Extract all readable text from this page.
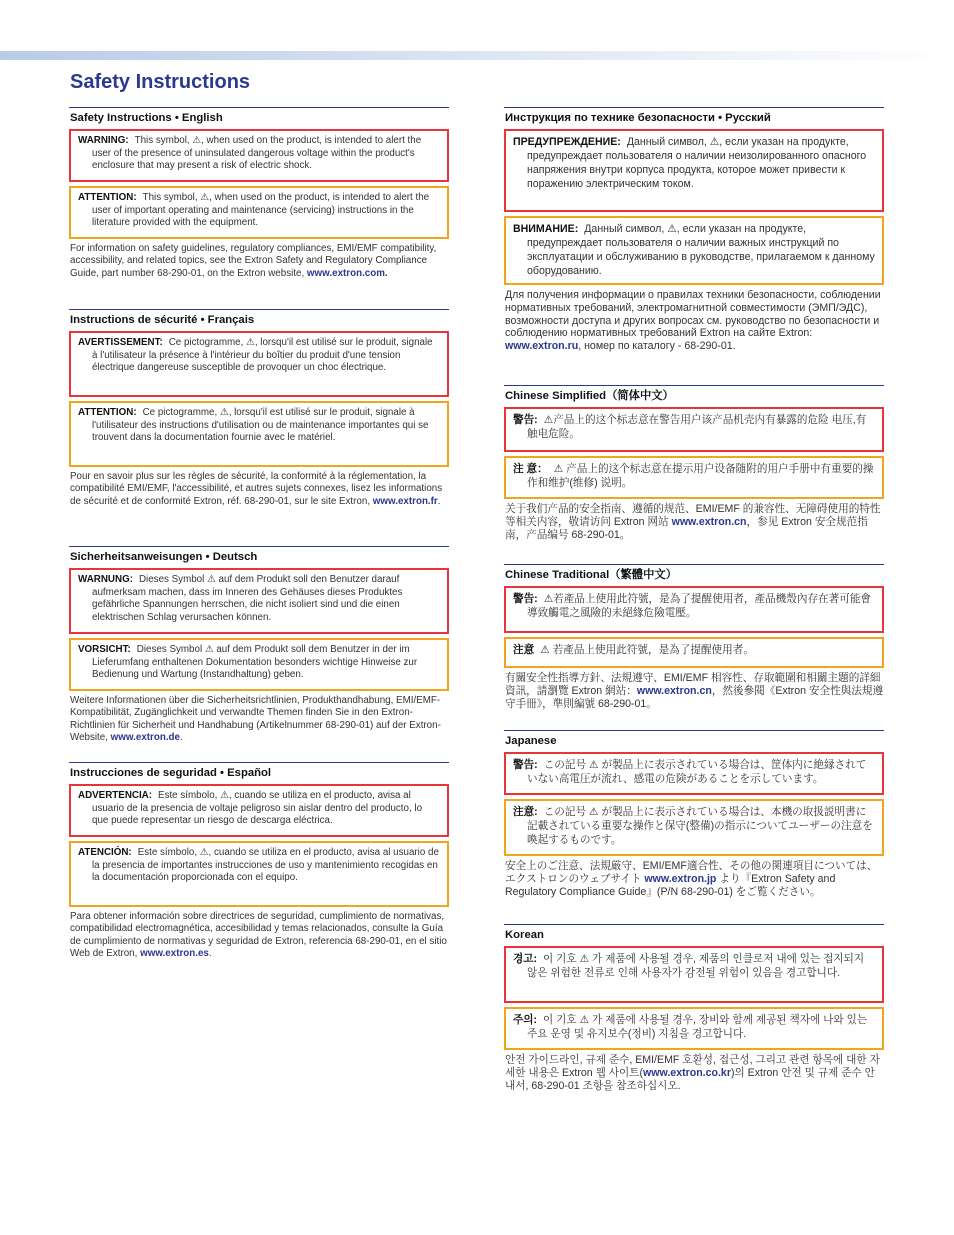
Safety Instructions
Safety Instructions • English
WARNING: This symbol, ⚠, when used on the product, is intended to alert the user of the presence of uninsulated dangerous voltage within the product's enclosure that may present a risk of electric shock.
ATTENTION: This symbol, ⚠, when used on the product, is intended to alert the user of important operating and maintenance (servicing) instructions in the literature provided with the equipment.

For information on safety guidelines, regulatory compliances, EMI/EMF compatibility, accessibility, and related topics, see the Extron Safety and Regulatory Compliance Guide, part number 68-290-01, on the Extron website, www.extron.com.

Instructions de sécurité • Français
AVERTISSEMENT: Ce pictogramme, ⚠, lorsqu'il est utilisé sur le produit, signale à l'utilisateur la présence à l'intérieur du boîtier du produit d'une tension électrique dangereuse susceptible de provoquer un choc électrique.
ATTENTION: Ce pictogramme, ⚠, lorsqu'il est utilisé sur le produit, signale à l'utilisateur des instructions d'utilisation ou de maintenance importantes qui se trouvent dans la documentation fournie avec le matériel.

Pour en savoir plus sur les règles de sécurité, la conformité à la réglementation, la compatibilité EMI/EMF, l'accessibilité, et autres sujets connexes, lisez les informations de sécurité et de conformité Extron, réf. 68-290-01, sur le site Extron, www.extron.fr.

Sicherheitsanweisungen • Deutsch
WARNUNG: Dieses Symbol ⚠ auf dem Produkt soll den Benutzer darauf aufmerksam machen, dass im Inneren des Gehäuses dieses Produktes gefährliche Spannungen herrschen, die nicht isoliert sind und die einen elektrischen Schlag verursachen können.
VORSICHT: Dieses Symbol ⚠ auf dem Produkt soll dem Benutzer in der im Lieferumfang enthaltenen Dokumentation besonders wichtige Hinweise zur Bedienung und Wartung (Instandhaltung) geben.

Weitere Informationen über die Sicherheitsrichtlinien, Produkthandhabung, EMI/EMF-Kompatibilität, Zugänglichkeit und verwandte Themen finden Sie in den Extron-Richtlinien für Sicherheit und Handhabung (Artikelnummer 68-290-01) auf der Extron-Website, www.extron.de.

Instrucciones de seguridad • Español
ADVERTENCIA: Este símbolo, ⚠, cuando se utiliza en el producto, avisa al usuario de la presencia de voltaje peligroso sin aislar dentro del producto, lo que puede representar un riesgo de descarga eléctrica.
ATENCIÓN: Este símbolo, ⚠, cuando se utiliza en el producto, avisa al usuario de la presencia de importantes instrucciones de uso y mantenimiento recogidas en la documentación proporcionada con el equipo.

Para obtener información sobre directrices de seguridad, cumplimiento de normativas, compatibilidad electromagnética, accesibilidad y temas relacionados, consulte la Guía de cumplimiento de normativas y seguridad de Extron, referencia 68-290-01, en el sitio Web de Extron, www.extron.es.

Инструкция по технике безопасности • Русский
ПРЕДУПРЕЖДЕНИЕ: Данный символ, ⚠, если указан на продукте, предупреждает пользователя о наличии неизолированного опасного напряжения внутри корпуса продукта, которое может привести к поражению электрическим током.
ВНИМАНИЕ: Данный символ, ⚠, если указан на продукте, предупреждает пользователя о наличии важных инструкций по эксплуатации и обслуживанию в руководстве, прилагаемом к данному оборудованию.

Для получения информации о правилах техники безопасности, соблюдении нормативных требований, электромагнитной совместимости (ЭМП/ЭДС), возможности доступа и других вопросах см. руководство по безопасности и соблюдению нормативных требований Extron на сайте Extron: www.extron.ru, номер по каталогу - 68-290-01.

Chinese Simplified（简体中文）
警告: ⚠产品上的这个标志意在警告用户该产品机壳内有暴露的危险 电压,有触电危险。
注 意： ⚠ 产品上的这个标志意在提示用户设备随附的用户手册中有重要的操作和维护(维修) 说明。

关于我们产品的安全指南、遵循的规范、EMI/EMF 的兼容性、无障碍使用的特性等相关内容，敬请访问 Extron 网站 www.extron.cn，参见 Extron 安全规范指南，产品编号 68-290-01。

Chinese Traditional（繁體中文）
警告: ⚠若產品上使用此符號，是為了提醒使用者，產品機殼內存在著可能會導致觸電之風險的未絕緣危險電壓。
注意 ⚠ 若產品上使用此符號，是為了提醒使用者。

有關安全性指導方針、法規遵守、EMI/EMF 相容性、存取範圍和相關主題的詳細資訊，請瀏覽 Extron 網站：www.extron.cn，然後參閱《Extron 安全性與法規遵守手冊》，準則編號 68-290-01。

Japanese
警告: この記号 ⚠ が製品上に表示されている場合は、筐体内に絶縁されていない高電圧が流れ、感電の危険があることを示しています。
注意: この記号 ⚠ が製品上に表示されている場合は、本機の取扱説明書に 記載されている重要な操作と保守(整備)の指示についてユーザーの注意を喚起するものです。

安全上のご注意、法規厳守、EMI/EMF適合性、その他の関連項目については、エクストロンのウェブサイト www.extron.jp より『Extron Safety and Regulatory Compliance Guide』(P/N 68-290-01) をご覧ください。

Korean
경고: 이 기호 ⚠ 가 제품에 사용될 경우, 제품의 인클로저 내에 있는 접지되지 않은 위험한 전류로 인해 사용자가 감전될 위험이 있음을 경고합니다.
주의: 이 기호 ⚠ 가 제품에 사용될 경우, 장비와 함께 제공된 책자에 나와 있는 주요 운영 및 유지보수(정비) 지침을 경고합니다.

안전 가이드라인, 규제 준수, EMI/EMF 호환성, 접근성, 그리고 관련 항목에 대한 자세한 내용은 Extron 웹 사이트(www.extron.co.kr)의 Extron 안전 및 규제 준수 안내서, 68-290-01 조항을 참조하십시오.
